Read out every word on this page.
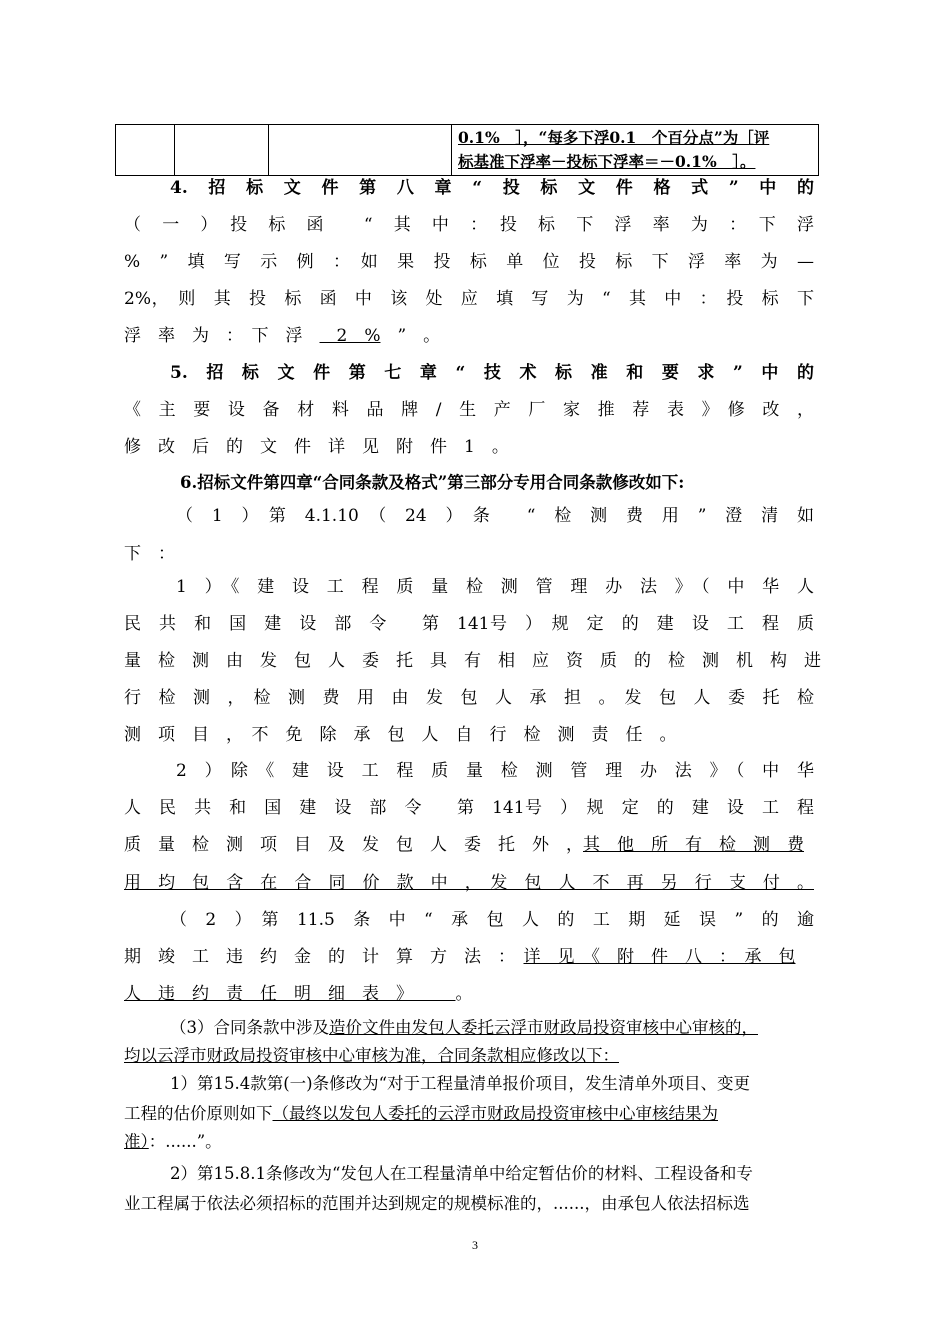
0.1%　］，“每多下浮0.1　个百分点”为［评
标基准下浮率－投标下浮率＝－0.1%　］。
4.　招　标　文　件　第　八　章　“　投　标　文　件　格　式　”　中　的
（　一　）　投　标　函　　“　其　中　：　投　标　下　浮　率　为　：　下　浮
%　”　填　写　示　例　：　如　果　投　标　单　位　投　标　下　浮　率　为　—
2%，　则　其　投　标　函　中　该　处　应　填　写　为　“　其　中　：　投　标　下
浮　率　为　：　下　浮　　2　%　”　。
5.　招　标　文　件　第　七　章　“　技　术　标　准　和　要　求　”　中　的
《　主　要　设　备　材　料　品　牌　/　生　产　厂　家　推　荐　表　》　修　改　，
修　改　后　的　文　件　详　见　附　件　1　。
6.招标文件第四章“合同条款及格式”第三部分专用合同条款修改如下:
（　1　）　第　4.1.10　（　24　）　条　　“　检　测　费　用　”　澄　清　如
下　：
1　）　《　建　设　工　程　质　量　检　测　管　理　办　法　》　（　中　华　人
民　共　和　国　建　设　部　令　　第　141号　）　规　定　的　建　设　工　程　质
量　检　测　由　发　包　人　委　托　具　有　相　应　资　质　的　检　测　机　构　进
行　检　测　，　检　测　费　用　由　发　包　人　承　担　。　发　包　人　委　托　检
测　项　目　，　不　免　除　承　包　人　自　行　检　测　责　任　。
2　）　除　《　建　设　工　程　质　量　检　测　管　理　办　法　》　（　中　华
人　民　共　和　国　建　设　部　令　　第　141号　）　规　定　的　建　设　工　程
质　量　检　测　项　目　及　发　包　人　委　托　外　，其　他　所　有　检　测　费
用　均　包　含　在　合　同　价　款　中　，　发　包　人　不　再　另　行　支　付　。
（　2　）　第　11.5　条　中　“　承　包　人　的　工　期　延　误　”　的　逾
期　竣　工　违　约　金　的　计　算　方　法　：　 详　见　《　附　件　八　：　承　包
人　违　约　责　任　明　细　表　》　　　。
（3）合同条款中涉及造价文件由发包人委托云浮市财政局投资审核中心审核的，
均以云浮市财政局投资审核中心审核为准，合同条款相应修改以下：
1）第15.4款第(一)条修改为“对于工程量清单报价项目，发生清单外项目、变更
工程的估价原则如下（最终以发包人委托的云浮市财政局投资审核中心审核结果为
准）：......”。
2）第15.8.1条修改为“发包人在工程量清单中给定暂估价的材料、工程设备和专
业工程属于依法必须招标的范围并达到规定的规模标准的，......，由承包人依法招标选
3
